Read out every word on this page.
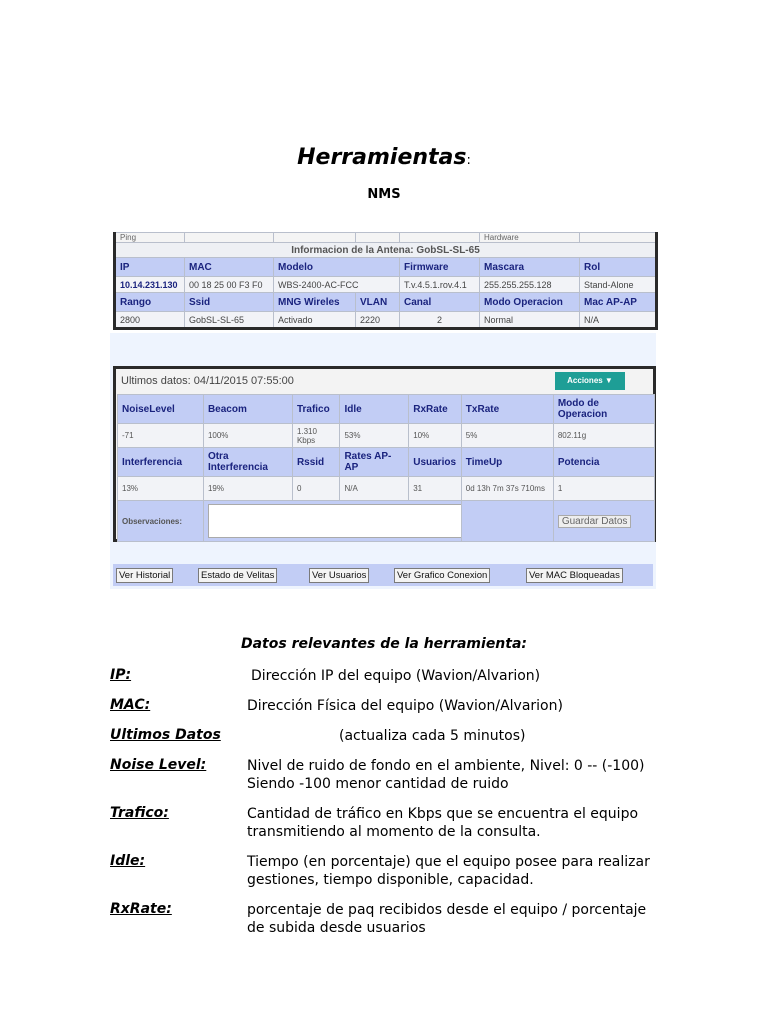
Herramientas:
NMS
Ping					Hardware	
Informacion de la Antena: GobSL-SL-65						
IP	MAC	Modelo		Firmware	Mascara	Rol
10.14.231.130	00 18 25 00 F3 F0	WBS-2400-AC-FCC		T.v.4.5.1.rov.4.1	255.255.255.128	Stand-Alone
Rango	Ssid	MNG Wireles	VLAN	Canal	Modo Operacion	Mac AP-AP
2800	GobSL-SL-65	Activado	2220	2	Normal	N/A
Ultimos datos: 04/11/2015 07:55:00	Acciones ▼
NoiseLevel	Beacom	Trafico	Idle	RxRate	TxRate	Modo de Operacion
-71	100%	1.310 Kbps	53%	10%	5%	802.11g
Interferencia	Otra Interferencia	Rssid	Rates AP-AP	Usuarios	TimeUp	Potencia
13%	19%	0	N/A	31	0d 13h 7m 37s 710ms	1
Observaciones:						Guardar Datos
Ver Historial	Estado de Velitas	Ver Usuarios	Ver Grafico Conexion	Ver MAC Bloqueadas
Datos relevantes de la herramienta:
IP:	Dirección IP del equipo (Wavion/Alvarion)
MAC:	Dirección Física del equipo (Wavion/Alvarion)
Ultimos Datos	(actualiza cada 5 minutos)
Noise Level:	Nivel de ruido de fondo en el ambiente, Nivel: 0 -- (-100) Siendo -100 menor cantidad de ruido
Trafico:	Cantidad de tráfico en Kbps que se encuentra el equipo transmitiendo al momento de la consulta.
Idle:	Tiempo (en porcentaje) que el equipo posee para realizar gestiones, tiempo disponible, capacidad.
RxRate:	porcentaje de paq recibidos desde el equipo / porcentaje de subida desde usuarios
